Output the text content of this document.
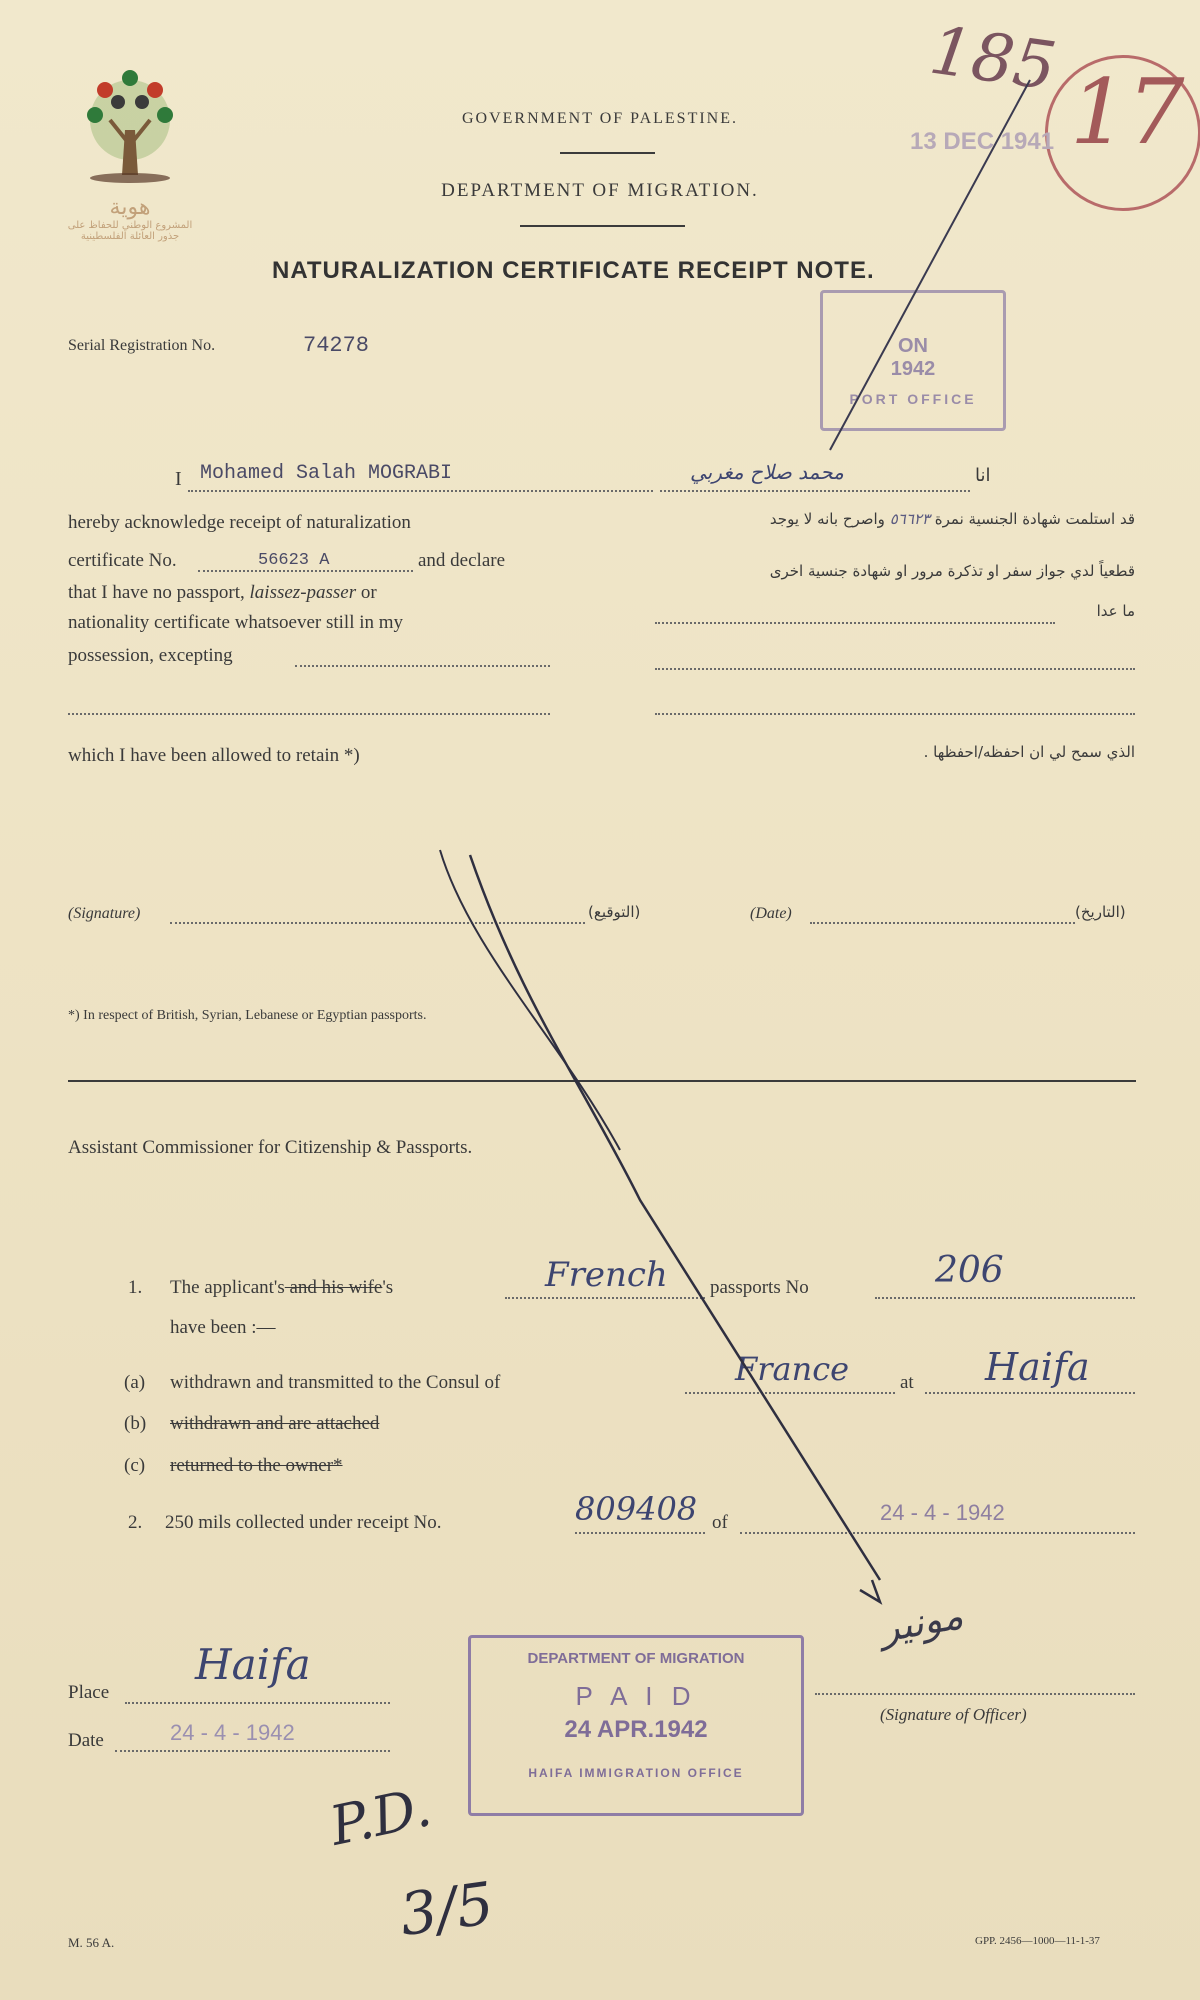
هوية
المشروع الوطني للحفاظ على
جذور العائلة الفلسطينية
GOVERNMENT OF PALESTINE.
DEPARTMENT OF MIGRATION.
NATURALIZATION CERTIFICATE RECEIPT NOTE.
185
17
13 DEC 1941
ON
1942
PORT OFFICE
Serial Registration No.	74278
I Mohamed Salah MOGRABI	محمد صلاح مغربي	انا
hereby acknowledge receipt of naturalization
certificate No.	56623 A	and declare
that I have no passport, laissez-passer or
nationality certificate whatsoever still in my
possession, excepting
which I have been allowed to retain *)
قد استلمت شهادة الجنسية نمرة ٥٦٦٢٣ واصرح بانه لا يوجد
قطعياً لدي جواز سفر او تذكرة مرور او شهادة جنسية اخرى
ما عدا
الذي سمح لي ان احفظه/احفظها .
(Signature)	(التوقيع)	(Date)	(التاريخ)
*) In respect of British, Syrian, Lebanese or Egyptian passports.
Assistant Commissioner for Citizenship & Passports.
1. The applicant's and his wife's	French passports No	206
have been :—
(a) withdrawn and transmitted to the Consul of	France	at Haifa
(b) withdrawn and are attached
(c) returned to the owner*
2. 250 mils collected under receipt No.	809408 of	24 - 4 - 1942
مونير
(Signature of Officer)
Place
Haifa
Date	24 - 4 - 1942
DEPARTMENT OF MIGRATION
P A I D
24 APR.1942
HAIFA IMMIGRATION OFFICE
P.D.
3/5
M. 56 A.	GPP. 2456—1000—11-1-37
